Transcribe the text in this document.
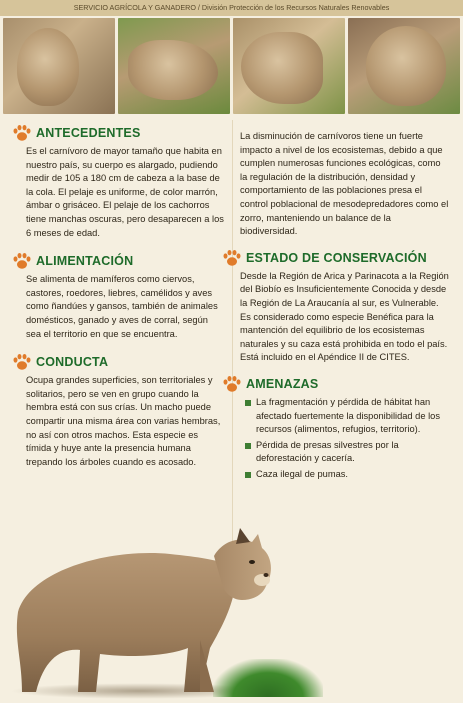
SERVICIO AGRÍCOLA Y GANADERO / División Protección de los Recursos Naturales Renovables
ANTECEDENTES

Es el carnívoro de mayor tamaño que habita en nuestro país, su cuerpo es alargado, pudiendo medir de 105 a 180 cm de cabeza a la base de la cola. El pelaje es uniforme, de color marrón, ámbar o grisáceo. El pelaje de los cachorros tiene manchas oscuras, pero desaparecen a los 6 meses de edad.

ALIMENTACIÓN

Se alimenta de mamíferos como ciervos, castores, roedores, liebres, camélidos y aves como ñandúes y gansos, también de animales domésticos, ganado y aves de corral, según sea el territorio en que se encuentra.

CONDUCTA

Ocupa grandes superficies, son territoriales y solitarios, pero se ven en grupo cuando la hembra está con sus crías. Un macho puede compartir una misma área con varias hembras, no así con otros machos. Esta especie es tímida y huye ante la presencia humana trepando los árboles cuando es acosado.

La disminución de carnívoros tiene un fuerte impacto a nivel de los ecosistemas, debido a que cumplen numerosas funciones ecológicas, como la regulación de la distribución, densidad y comportamiento de las poblaciones presa el control poblacional de mesodepredadores como el zorro, manteniendo un balance de la biodiversidad.

ESTADO DE CONSERVACIÓN

Desde la Región de Arica y Parinacota a la Región del Biobío es Insuficientemente Conocida y desde la Región de La Araucanía al sur, es Vulnerable. Es considerado como especie Benéfica para la mantención del equilibrio de los ecosistemas naturales y su caza está prohibida en todo el país. Está incluido en el Apéndice II de CITES.

AMENAZAS
La fragmentación y pérdida de hábitat han afectado fuertemente la disponibilidad de los recursos (alimentos, refugios, territorio).
Pérdida de presas silvestres por la deforestación y cacería.
Caza ilegal de pumas.
